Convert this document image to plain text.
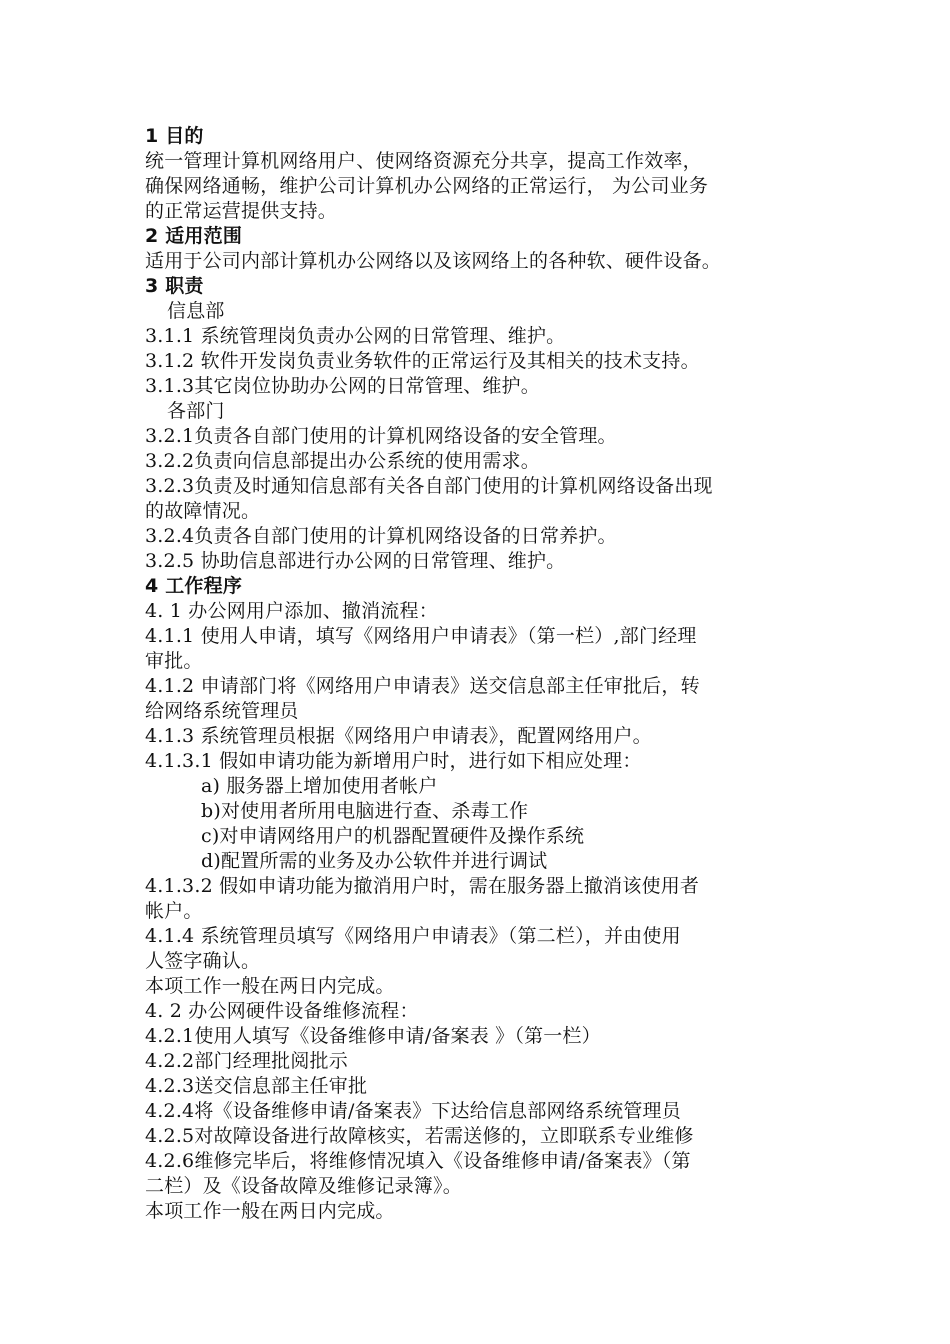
1 目的
统一管理计算机网络用户、使网络资源充分共享，提高工作效率，
确保网络通畅，维护公司计算机办公网络的正常运行， 为公司业务
的正常运营提供支持。
2 适用范围
适用于公司内部计算机办公网络以及该网络上的各种软、硬件设备。
3 职责
信息部
3.1.1 系统管理岗负责办公网的日常管理、维护。
3.1.2 软件开发岗负责业务软件的正常运行及其相关的技术支持。
3.1.3其它岗位协助办公网的日常管理、维护。
各部门
3.2.1负责各自部门使用的计算机网络设备的安全管理。
3.2.2负责向信息部提出办公系统的使用需求。
3.2.3负责及时通知信息部有关各自部门使用的计算机网络设备出现
的故障情况。
3.2.4负责各自部门使用的计算机网络设备的日常养护。
3.2.5 协助信息部进行办公网的日常管理、维护。
4 工作程序
4. 1 办公网用户添加、撤消流程：
4.1.1 使用人申请，填写《网络用户申请表》（第一栏）,部门经理
审批。
4.1.2 申请部门将《网络用户申请表》送交信息部主任审批后，转
给网络系统管理员
4.1.3 系统管理员根据《网络用户申请表》，配置网络用户。
4.1.3.1 假如申请功能为新增用户时，进行如下相应处理：
a) 服务器上增加使用者帐户
b)对使用者所用电脑进行查、杀毒工作
c)对申请网络用户的机器配置硬件及操作系统
d)配置所需的业务及办公软件并进行调试
4.1.3.2 假如申请功能为撤消用户时，需在服务器上撤消该使用者
帐户。
4.1.4 系统管理员填写《网络用户申请表》（第二栏），并由使用
人签字确认。
本项工作一般在两日内完成。
4. 2 办公网硬件设备维修流程：
4.2.1使用人填写《设备维修申请/备案表 》（第一栏）
4.2.2部门经理批阅批示
4.2.3送交信息部主任审批
4.2.4将《设备维修申请/备案表》下达给信息部网络系统管理员
4.2.5对故障设备进行故障核实，若需送修的，立即联系专业维修
4.2.6维修完毕后，将维修情况填入《设备维修申请/备案表》（第
二栏）及《设备故障及维修记录簿》。
本项工作一般在两日内完成。
